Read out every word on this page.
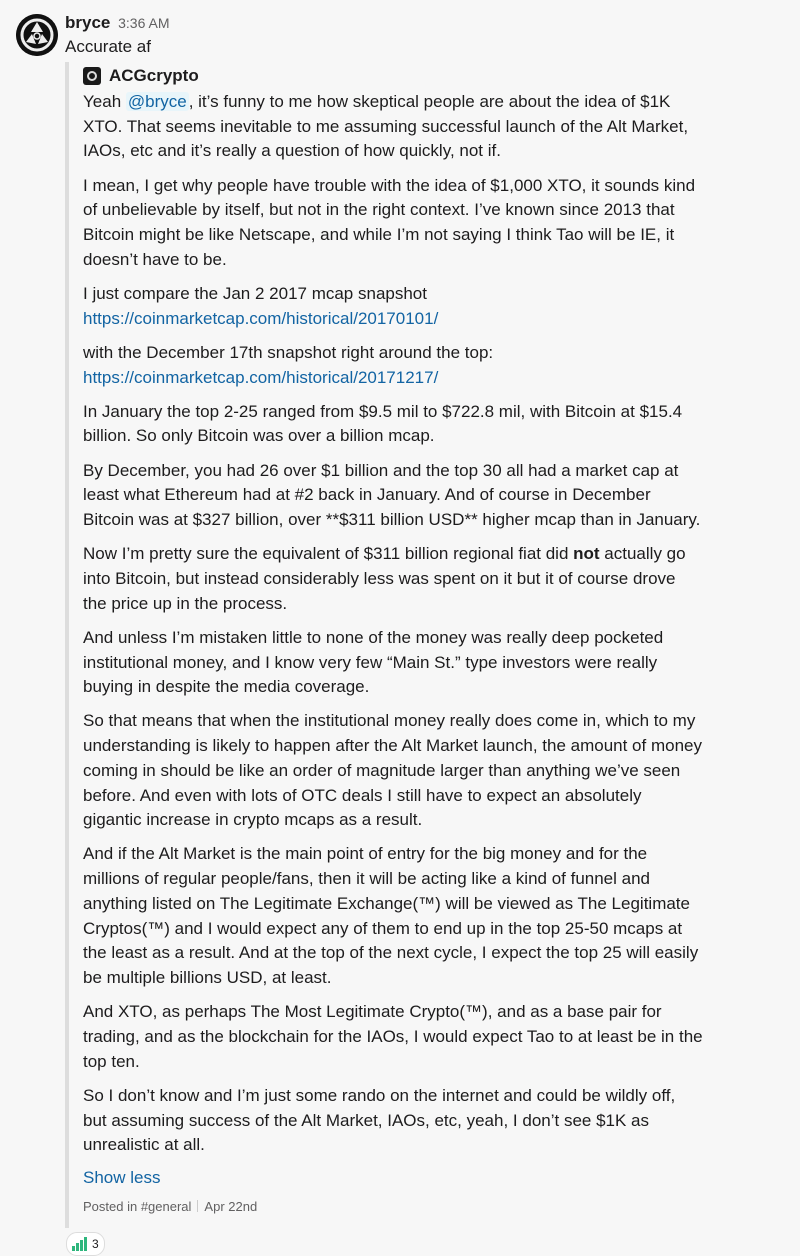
bryce 3:36 AM
Accurate af
ACGcrypto

Yeah @bryce , it’s funny to me how skeptical people are about the idea of $1K XTO. That seems inevitable to me assuming successful launch of the Alt Market, IAOs, etc and it’s really a question of how quickly, not if.

I mean, I get why people have trouble with the idea of $1,000 XTO, it sounds kind of unbelievable by itself, but not in the right context. I’ve known since 2013 that Bitcoin might be like Netscape, and while I’m not saying I think Tao will be IE, it doesn’t have to be.

I just compare the Jan 2 2017 mcap snapshot
https://coinmarketcap.com/historical/20170101/

with the December 17th snapshot right around the top:
https://coinmarketcap.com/historical/20171217/

In January the top 2-25 ranged from $9.5 mil to $722.8 mil, with Bitcoin at $15.4 billion. So only Bitcoin was over a billion mcap.

By December, you had 26 over $1 billion and the top 30 all had a market cap at least what Ethereum had at #2 back in January. And of course in December Bitcoin was at $327 billion, over **$311 billion USD** higher mcap than in January.

Now I’m pretty sure the equivalent of $311 billion regional fiat did not actually go into Bitcoin, but instead considerably less was spent on it but it of course drove the price up in the process.

And unless I’m mistaken little to none of the money was really deep pocketed institutional money, and I know very few “Main St.” type investors were really buying in despite the media coverage.

So that means that when the institutional money really does come in, which to my understanding is likely to happen after the Alt Market launch, the amount of money coming in should be like an order of magnitude larger than anything we’ve seen before. And even with lots of OTC deals I still have to expect an absolutely gigantic increase in crypto mcaps as a result.

And if the Alt Market is the main point of entry for the big money and for the millions of regular people/fans, then it will be acting like a kind of funnel and anything listed on The Legitimate Exchange(™) will be viewed as The Legitimate Cryptos(™) and I would expect any of them to end up in the top 25-50 mcaps at the least as a result. And at the top of the next cycle, I expect the top 25 will easily be multiple billions USD, at least.

And XTO, as perhaps The Most Legitimate Crypto(™), and as a base pair for trading, and as the blockchain for the IAOs, I would expect Tao to at least be in the top ten.

So I don’t know and I’m just some rando on the internet and could be wildly off, but assuming success of the Alt Market, IAOs, etc, yeah, I don’t see $1K as unrealistic at all.

Show less
Posted in #general Apr 22nd
3
